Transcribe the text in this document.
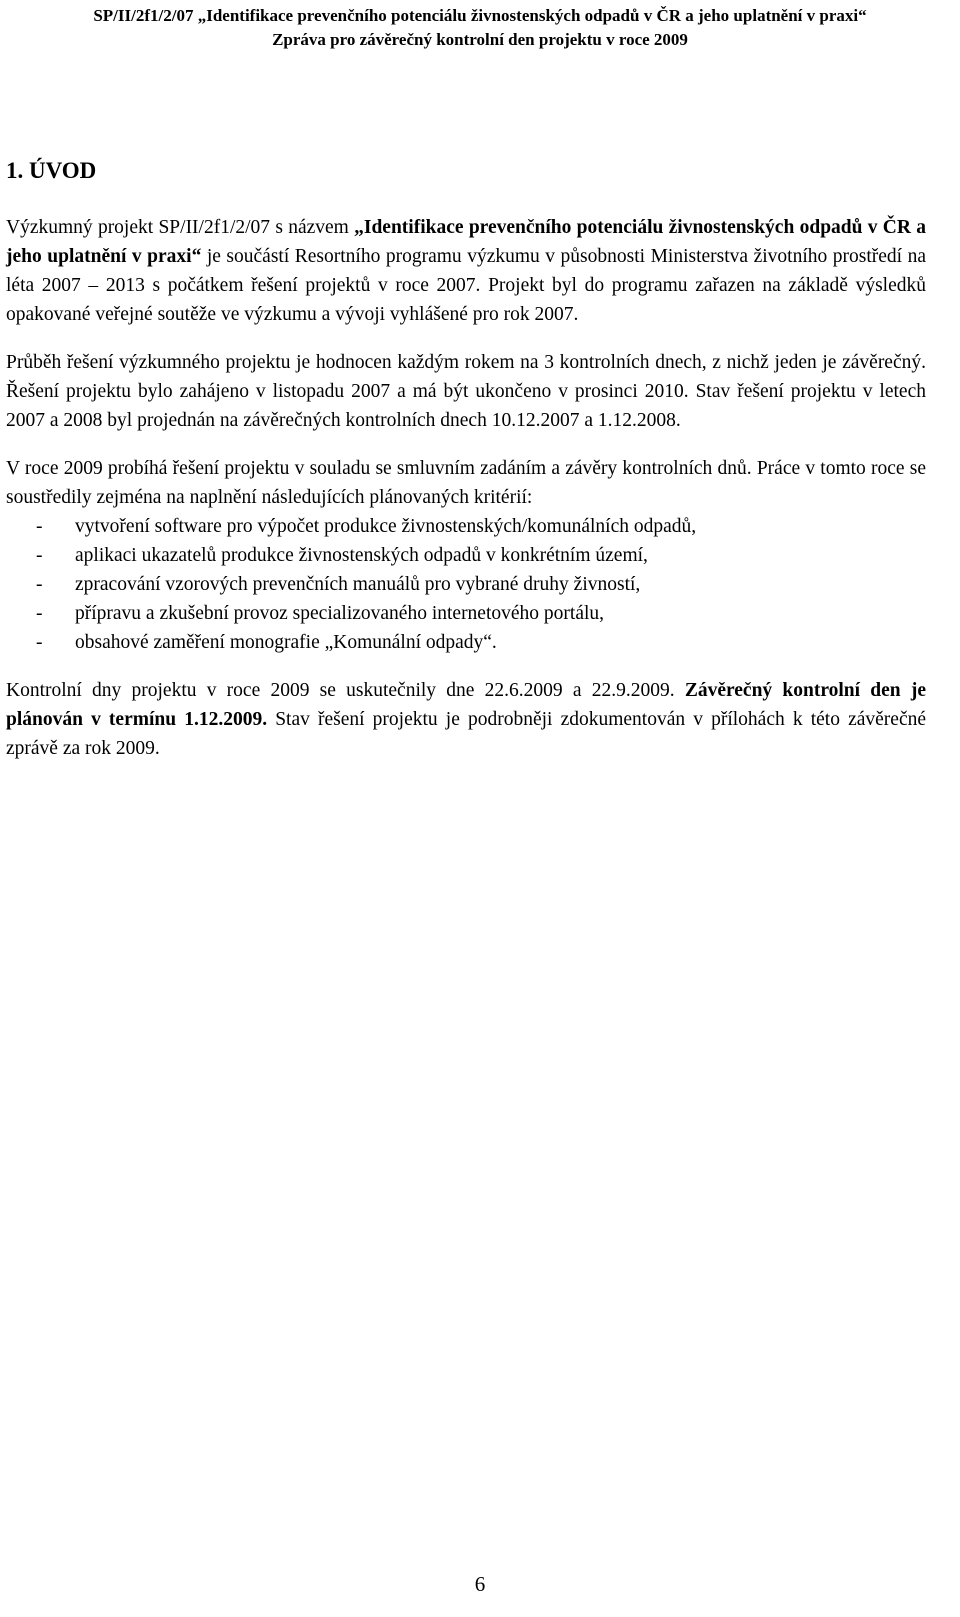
SP/II/2f1/2/07 „Identifikace prevenčního potenciálu živnostenských odpadů v ČR a jeho uplatnění v praxi“
Zpráva pro závěrečný kontrolní den projektu v roce 2009
1. ÚVOD

Výzkumný projekt SP/II/2f1/2/07 s názvem „Identifikace prevenčního potenciálu živnostenských odpadů v ČR a jeho uplatnění v praxi“ je součástí Resortního programu výzkumu v působnosti Ministerstva životního prostředí na léta 2007 – 2013 s počátkem řešení projektů v roce 2007. Projekt byl do programu zařazen na základě výsledků opakované veřejné soutěže ve výzkumu a vývoji vyhlášené pro rok 2007.

Průběh řešení výzkumného projektu je hodnocen každým rokem na 3 kontrolních dnech, z nichž jeden je závěrečný. Řešení projektu bylo zahájeno v listopadu 2007 a má být ukončeno v prosinci 2010. Stav řešení projektu v letech 2007 a 2008 byl projednán na závěrečných kontrolních dnech 10.12.2007 a 1.12.2008.

V roce 2009 probíhá řešení projektu v souladu se smluvním zadáním a závěry kontrolních dnů. Práce v tomto roce se soustředily zejména na naplnění následujících plánovaných kritérií:

- vytvoření software pro výpočet produkce živnostenských/komunálních odpadů,
- aplikaci ukazatelů produkce živnostenských odpadů v konkrétním území,
- zpracování vzorových prevenčních manuálů pro vybrané druhy živností,
- přípravu a zkušební provoz specializovaného internetového portálu,
- obsahové zaměření monografie „Komunální odpady“.

Kontrolní dny projektu v roce 2009 se uskutečnily dne 22.6.2009 a 22.9.2009. Závěrečný kontrolní den je plánován v termínu 1.12.2009. Stav řešení projektu je podrobněji zdokumentován v přílohách k této závěrečné zprávě za rok 2009.

6
